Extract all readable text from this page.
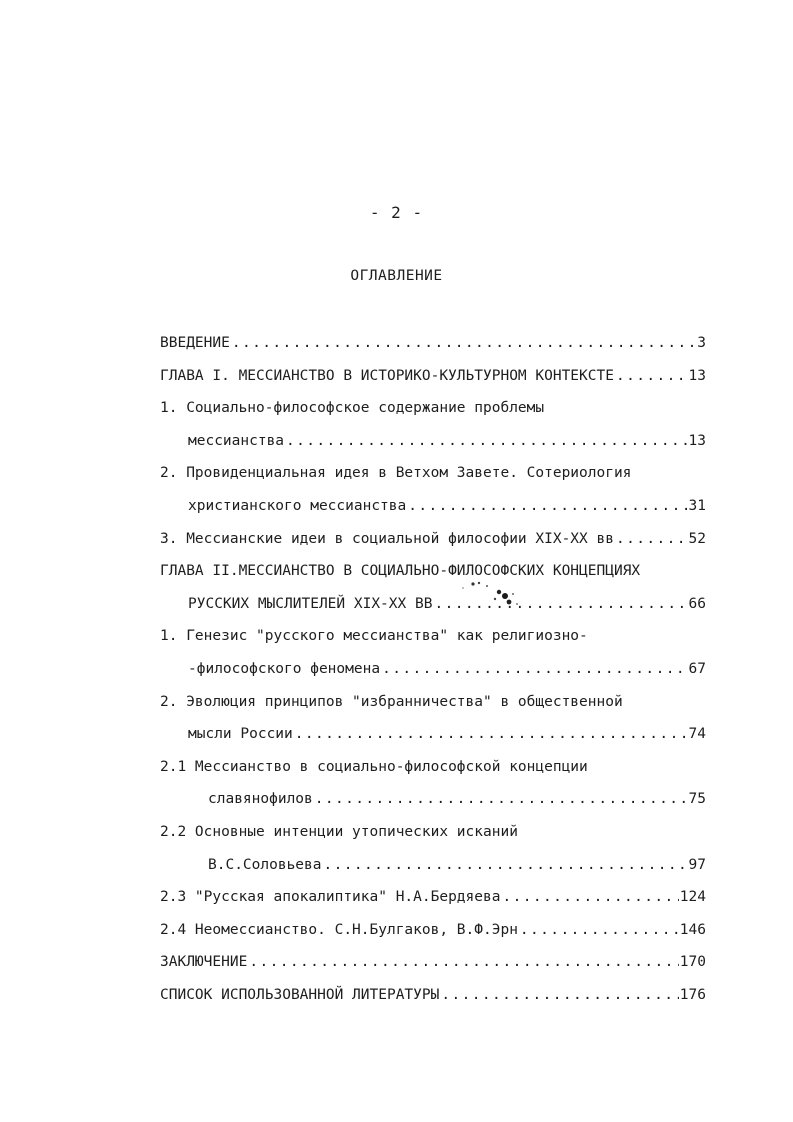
- 2 -
ОГЛАВЛЕНИЕ
ВВЕДЕНИЕ .....	3
ГЛАВА I. МЕССИАНСТВО В ИСТОРИКО-КУЛЬТУРНОМ КОНТЕКСТЕ .....	13
1. Социально-философское содержание проблемы
мессианства .....	13
2. Провиденциальная идея в Ветхом Завете. Сотериология
христианского мессианства .....	31
3. Мессианские идеи в социальной философии XIX-XX вв .....	52
ГЛАВА II.МЕССИАНСТВО В СОЦИАЛЬНО-ФИЛОСОФСКИХ КОНЦЕПЦИЯХ
РУССКИХ МЫСЛИТЕЛЕЙ XIX-XX ВВ .....	66
1. Генезис "русского мессианства" как религиозно-
-философского феномена .....	67
2. Эволюция принципов "избранничества" в общественной
мысли России .....	74
2.1 Мессианство в социально-философской концепции
славянофилов .....	75
2.2 Основные интенции утопических исканий
В.С.Соловьева .....	97
2.3 "Русская апокалиптика" Н.А.Бердяева .....	124
2.4 Неомессианство. С.Н.Булгаков, В.Ф.Эрн .....	146
ЗАКЛЮЧЕНИЕ .....	170
СПИСОК ИСПОЛЬЗОВАННОЙ ЛИТЕРАТУРЫ .....	176
